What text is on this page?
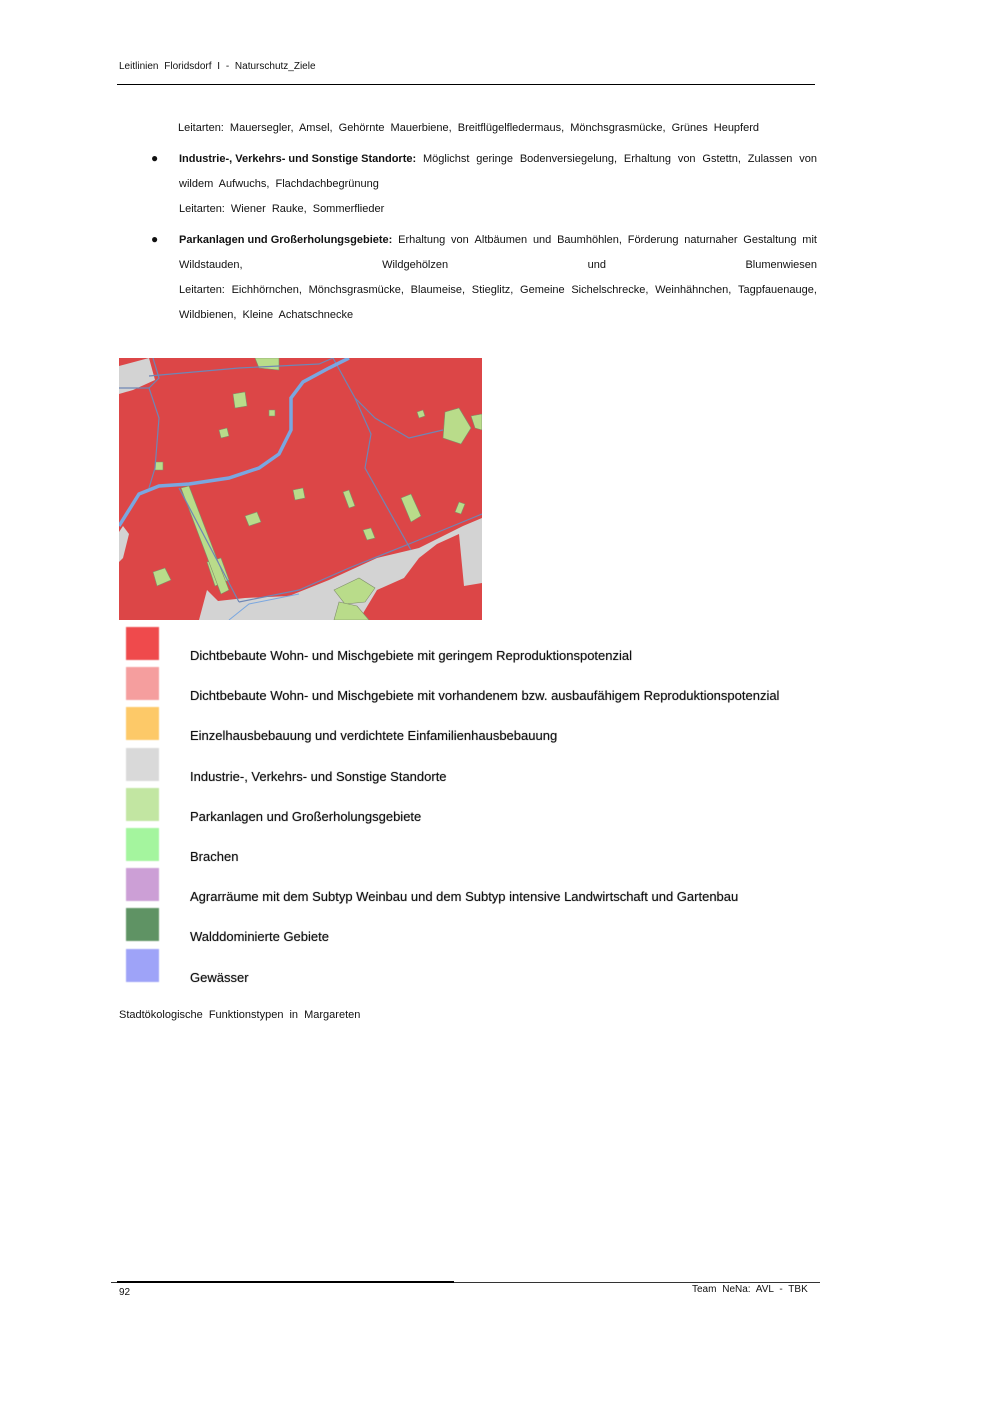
Leitlinien Floridsdorf I - Naturschutz_Ziele
Leitarten: Mauersegler, Amsel, Gehörnte Mauerbiene, Breitflügelfledermaus, Mönchsgrasmücke, Grünes Heupferd
● Industrie-, Verkehrs- und Sonstige Standorte: Möglichst geringe Bodenversiegelung, Erhaltung von Gstettn, Zulassen von
wildem Aufwuchs, Flachdachbegrünung
Leitarten: Wiener Rauke, Sommerflieder
● Parkanlagen und Großerholungsgebiete: Erhaltung von Altbäumen und Baumhöhlen, Förderung naturnaher Gestaltung mit
Wildstauden,	Wildgehölzen	und	Blumenwiesen
Leitarten: Eichhörnchen, Mönchsgrasmücke, Blaumeise, Stieglitz, Gemeine Sichelschrecke, Weinhähnchen, Tagpfauenauge,
Wildbienen, Kleine Achatschnecke
Dichtbebaute Wohn- und Mischgebiete mit geringem Reproduktionspotenzial
Dichtbebaute Wohn- und Mischgebiete mit vorhandenem bzw. ausbaufähigem Reproduktionspotenzial
Einzelhausbebauung und verdichtete Einfamilienhausbebauung
Industrie-, Verkehrs- und Sonstige Standorte
Parkanlagen und Großerholungsgebiete
Brachen
Agrarräume mit dem Subtyp Weinbau und dem Subtyp intensive Landwirtschaft und Gartenbau
Walddominierte Gebiete
Gewässer
Stadtökologische Funktionstypen in Margareten
92	Team NeNa: AVL - TBK
